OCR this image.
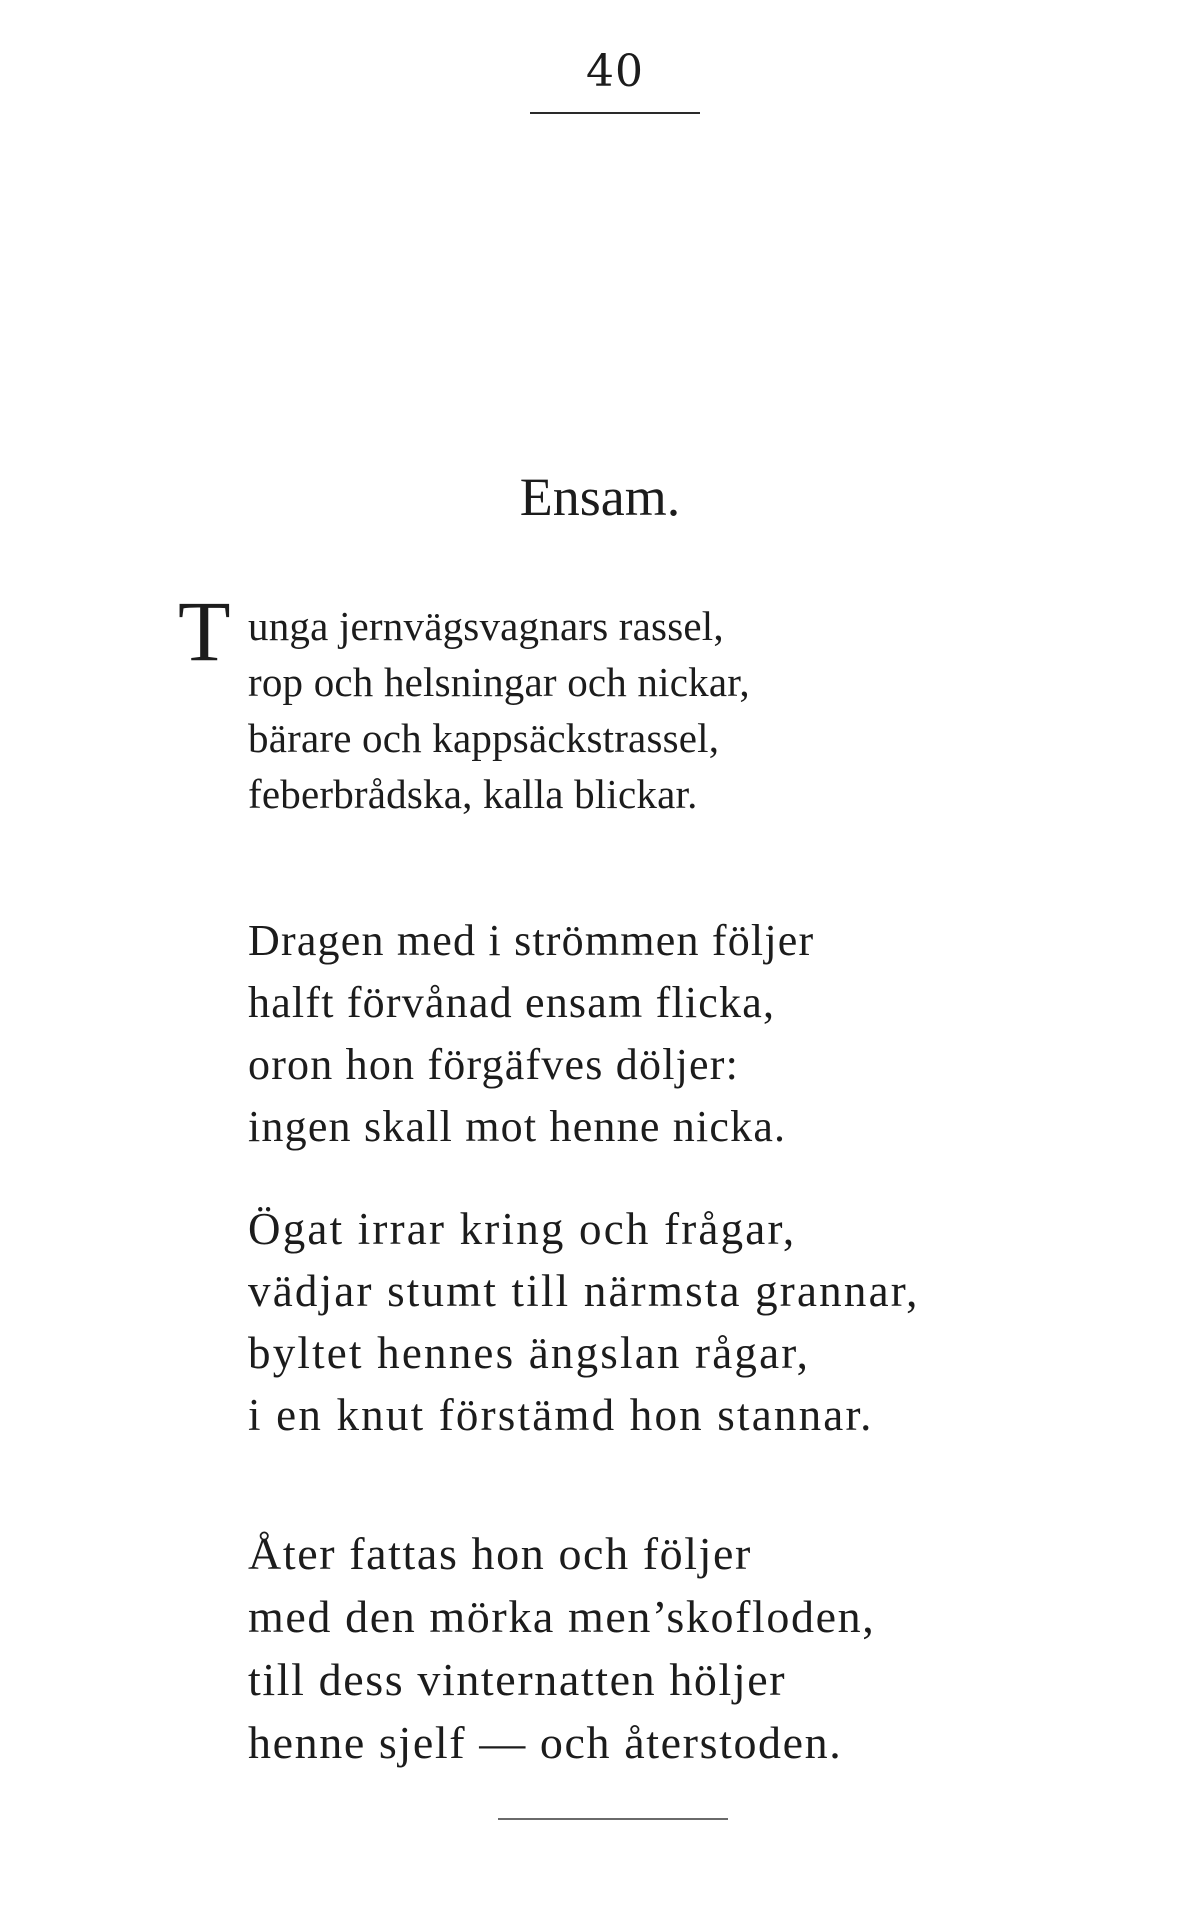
40
Ensam.
T unga jernvägsvagnars rassel,
rop och helsningar och nickar,
bärare och kappsäckstrassel,
feberbrådska, kalla blickar.
Dragen med i strömmen följer
halft förvånad ensam flicka,
oron hon förgäfves döljer:
ingen skall mot henne nicka.
Ögat irrar kring och frågar,
vädjar stumt till närmsta grannar,
byltet hennes ängslan rågar,
i en knut förstämd hon stannar.
Åter fattas hon och följer
med den mörka men’skofloden,
till dess vinternatten höljer
henne sjelf — och återstoden.
